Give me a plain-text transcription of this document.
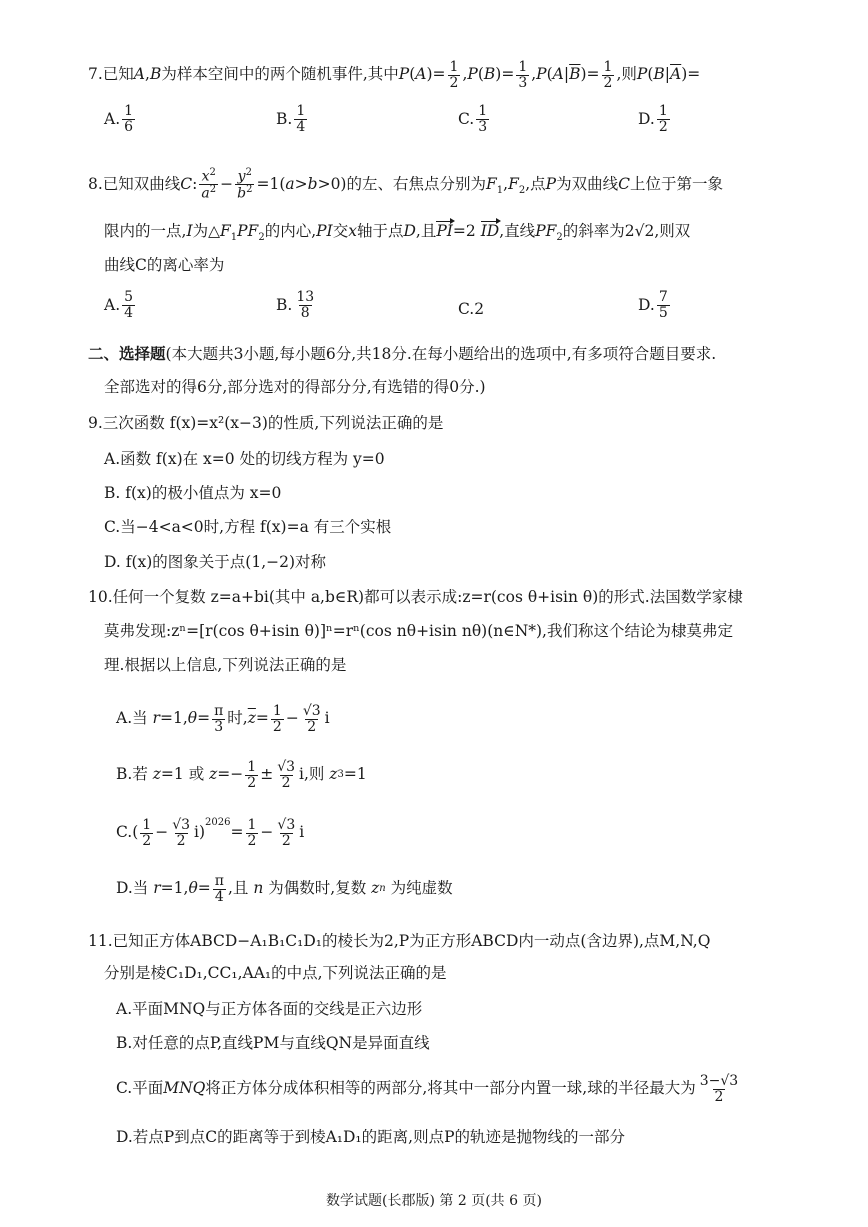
7.已知A,B为样本空间中的两个随机事件,其中$P(A)= \frac{1}{2} ,P(B)= \frac{1}{3} ,P(A|\overline{B})= \frac{1}{2}$ ,则$P(B|\overline{A})=$
A. $\frac{1}{6}$	B. $\frac{1}{4}$	C. $\frac{1}{3}$	D. $\frac{1}{2}$
8.已知双曲线C: $\frac{x^2}{a^2} - \frac{y^2}{b^2} =1(a>b>0)$的左、右焦点分别为$F_1,F_2$,点P为双曲线C上位于第一象
限内的一点,I为$\triangle F_1PF_2$的内心,PI交x轴于点D,且PI=2 ID,直线$PF_2$的斜率为2√2,则双
曲线C的离心率为
A. $\frac{5}{4}$	B. $\frac{13}{8}$	C. 2	D. $\frac{7}{5}$
二、选择题(本大题共3小题,每小题6分,共18分.在每小题给出的选项中,有多项符合题目要求.
全部选对的得6分,部分选对的得部分分,有选错的得0分.)
9.三次函数 f(x)=x²(x−3)的性质,下列说法正确的是
A.函数 f(x)在 x=0 处的切线方程为 y=0
B. f(x)的极小值点为 x=0
C.当−4<a<0时,方程 f(x)=a 有三个实根
D. f(x)的图象关于点(1,−2)对称
10.任何一个复数 z=a+bi(其中 a,b∈R)都可以表示成:z=r(cos θ+isin θ)的形式.法国数学家棣
莫弗发现:zⁿ=[r(cos θ+isin θ)]ⁿ=rⁿ(cos nθ+isin nθ)(n∈N*),我们称这个结论为棣莫弗定
理.根据以上信息,下列说法正确的是
A.当 r =1, $\theta = \frac{\pi}{3}$ 时, $\overline{z} = \frac{1}{2} - \frac{√3}{2}$ i
B.若 z =1 或 $z =- \frac{1}{2} \pm \frac{√3}{2} i$,则 z 3 =1
$C.( \frac{1}{2} - \frac{√3}{2} i)$
$^{2026}$
= $\frac{1}{2} - \frac{√3}{2}$ i
D.当 r =1, $\theta = \frac{\pi}{4}$ ,且 n 为偶数时,复数 z n 为纯虚数
11.已知正方体ABCD−A₁B₁C₁D₁的棱长为2,P为正方形ABCD内一动点(含边界),点M,N,Q
分别是棱C₁D₁,CC₁,AA₁的中点,下列说法正确的是
A.平面MNQ与正方体各面的交线是正六边形
B.对任意的点P,直线PM与直线QN是异面直线
C.平面 MNQ 将正方体分成体积相等的两部分,将其中一部分内置一球,球的半径最大为 $\frac{3-√3}{2}$
D.若点P到点C的距离等于到棱A₁D₁的距离,则点P的轨迹是抛物线的一部分
数学试题(长郡版) 第 2 页(共 6 页)
